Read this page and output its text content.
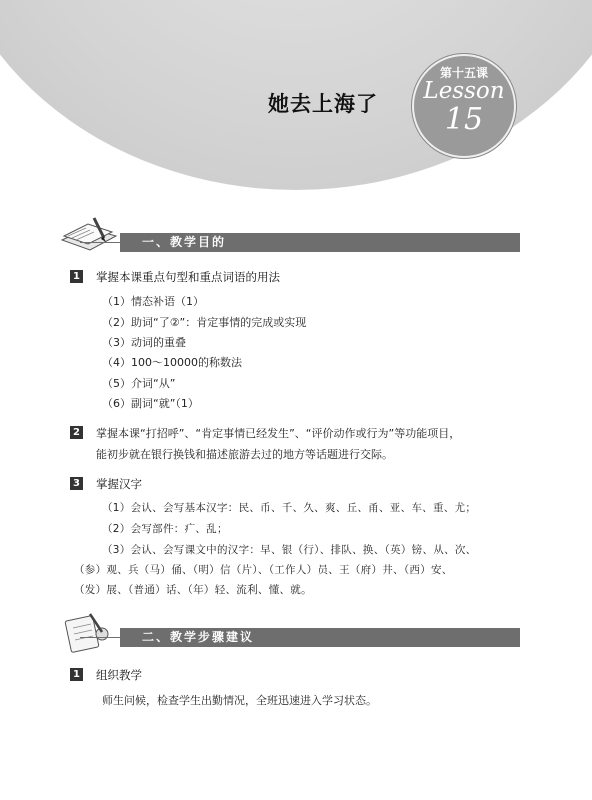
她去上海了
第十五课
Lesson
15
一、教学目的
1 掌握本课重点句型和重点词语的用法
（1）情态补语（1）
（2）助词“了②”：肯定事情的完成或实现
（3）动词的重叠
（4）100～10000的称数法
（5）介词“从”
（6）副词“就”（1）
2 掌握本课“打招呼”、“肯定事情已经发生”、“评价动作或行为”等功能项目，
能初步就在银行换钱和描述旅游去过的地方等话题进行交际。
3 掌握汉字
（1）会认、会写基本汉字：民、币、千、久、爽、丘、甬、亚、车、重、尤；
（2）会写部件：疒、乱；
（3）会认、会写课文中的汉字：早、银（行）、排队、换、（英）镑、从、次、
（参）观、兵（马）俑、（明）信（片）、（工作人）员、王（府）井、（西）安、
（发）展、（普通）话、（年）轻、流利、懂、就。
二、教学步骤建议
1 组织教学
师生问候，检查学生出勤情况，全班迅速进入学习状态。
